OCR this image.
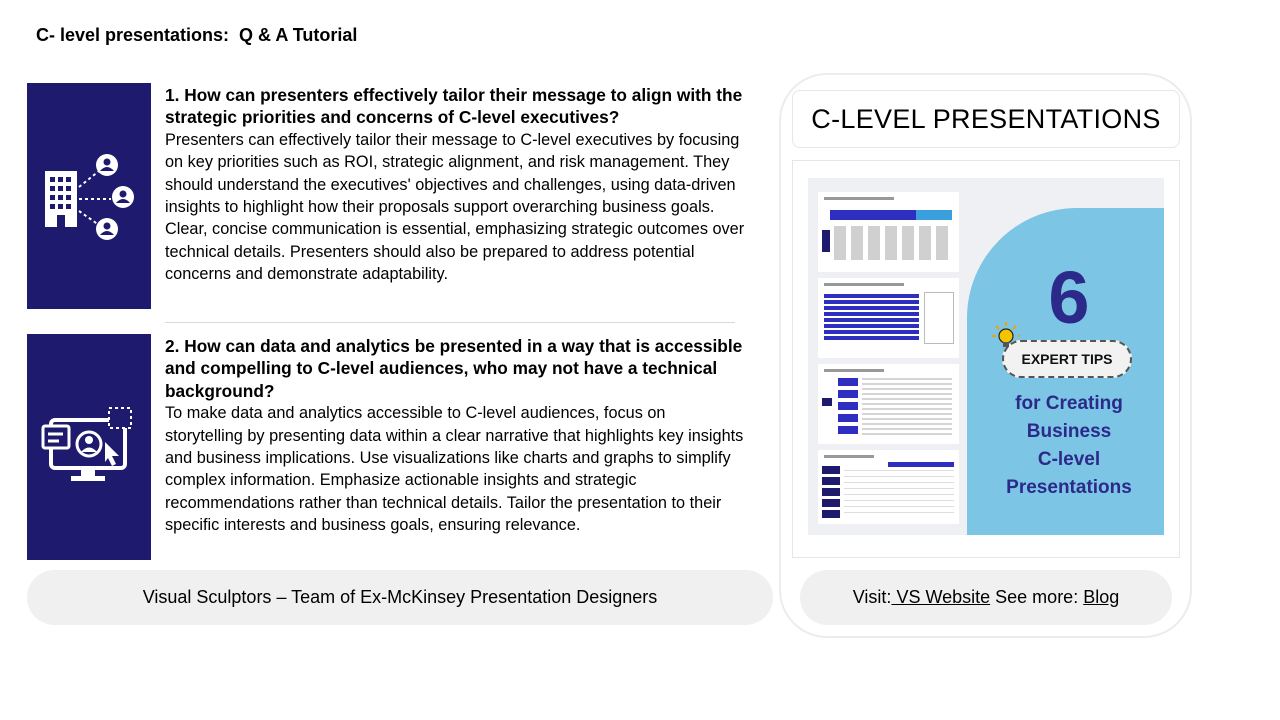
C- level presentations:  Q & A Tutorial
1. How can presenters effectively tailor their message to align with the strategic priorities and concerns of C-level executives?
Presenters can effectively tailor their message to C-level executives by focusing on key priorities such as ROI, strategic alignment, and risk management. They should understand the executives' objectives and challenges, using data-driven insights to highlight how their proposals support overarching business goals. Clear, concise communication is essential, emphasizing strategic outcomes over technical details. Presenters should also be prepared to address potential concerns and demonstrate adaptability.
2. How can data and analytics be presented in a way that is accessible and compelling to C-level audiences, who may not have a technical background?
To make data and analytics accessible to C-level audiences, focus on storytelling by presenting data within a clear narrative that highlights key insights and business implications. Use visualizations like charts and graphs to simplify complex information. Emphasize actionable insights and strategic recommendations rather than technical details. Tailor the presentation to their specific interests and business goals, ensuring relevance.
Visual Sculptors – Team of Ex-McKinsey Presentation Designers
C-LEVEL PRESENTATIONS
6
EXPERT TIPS
for Creating
Business
C-level
Presentations
Visit: VS Website See more: Blog
